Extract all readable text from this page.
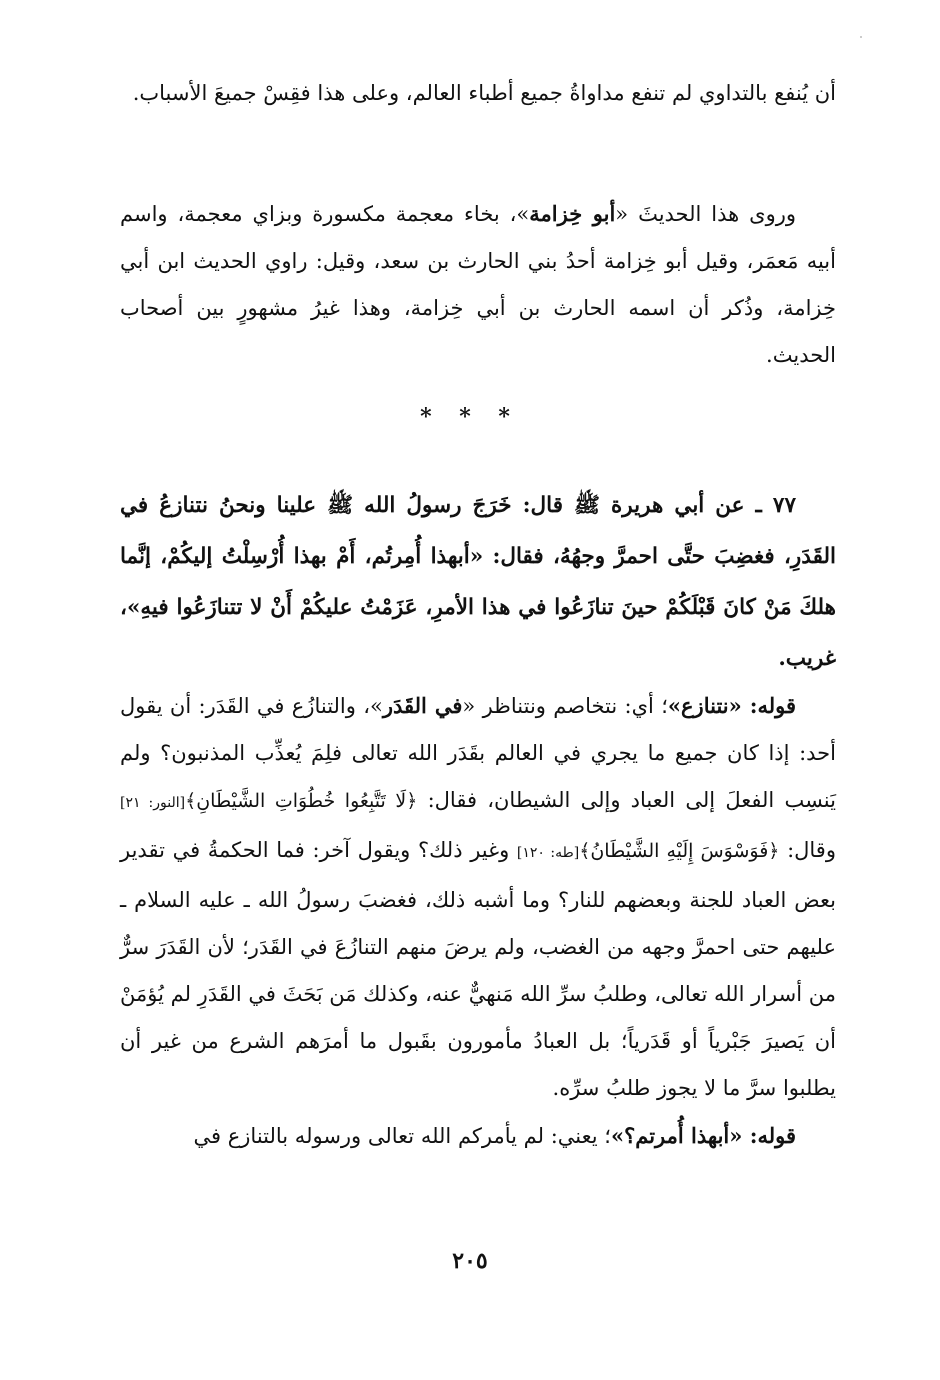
أن يُنفع بالتداوي لم تنفع مداواةُ جميع أطباء العالم، وعلى هذا فقِسْ جميعَ الأسباب.

وروى هذا الحديثَ «أبو خِزامة»، بخاء معجمة مكسورة وبزاي معجمة، واسم أبيه مَعمَر، وقيل أبو خِزامة أحدُ بني الحارث بن سعد، وقيل: راوي الحديث ابن أبي خِزامة، وذُكر أن اسمه الحارث بن أبي خِزامة، وهذا غيرُ مشهورٍ بين أصحاب الحديث.

* * *

٧٧ ـ عن أبي هريرة ﷺ قال: خَرَجَ رسولُ الله ﷺ علينا ونحنُ نتنازعُ في القَدَرِ، فغضِبَ حتَّى احمرَّ وجهُهُ، فقال: «أبهذا أُمِرتُم، أَمْ بهذا أُرْسِلْتُ إليكُمْ، إنَّما هلكَ مَنْ كانَ قَبْلَكُمْ حينَ تنازَعُوا في هذا الأمرِ، عَزَمْتُ عليكُمْ أَنْ لا تتنازَعُوا فيهِ»، غريب.

قوله: «نتنازع»؛ أي: نتخاصم ونتناظر «في القَدَر»، والتنازُع في القَدَر: أن يقول أحد: إذا كان جميع ما يجري في العالم بقَدَر الله تعالى فلِمَ يُعذِّب المذنبون؟ ولم يَنسِب الفعلَ إلى العباد وإلى الشيطان، فقال: ﴿لَا تَتَّبِعُوا خُطُوَاتِ الشَّيْطَانِ﴾[النور: ٢١] وقال: ﴿فَوَسْوَسَ إِلَيْهِ الشَّيْطَانُ﴾[طه: ١٢٠] وغير ذلك؟ ويقول آخر: فما الحكمةُ في تقدير بعض العباد للجنة وبعضهم للنار؟ وما أشبه ذلك، فغضبَ رسولُ الله ـ عليه السلام ـ عليهم حتى احمرَّ وجهه من الغضب، ولم يرضَ منهم التنازُعَ في القَدَر؛ لأن القَدَرَ سرٌّ من أسرار الله تعالى، وطلبُ سرِّ الله مَنهيٌّ عنه، وكذلك مَن بَحَثَ في القَدَرِ لم يُؤمَنْ أن يَصيرَ جَبْرياً أو قَدَرياً؛ بل العبادُ مأمورون بقَبول ما أمرَهم الشرع من غير أن يطلبوا سرَّ ما لا يجوز طلبُ سرِّه.

قوله: «أبهذا أُمرتم؟»؛ يعني: لم يأمركم الله تعالى ورسوله بالتنازع في

٢٠٥
